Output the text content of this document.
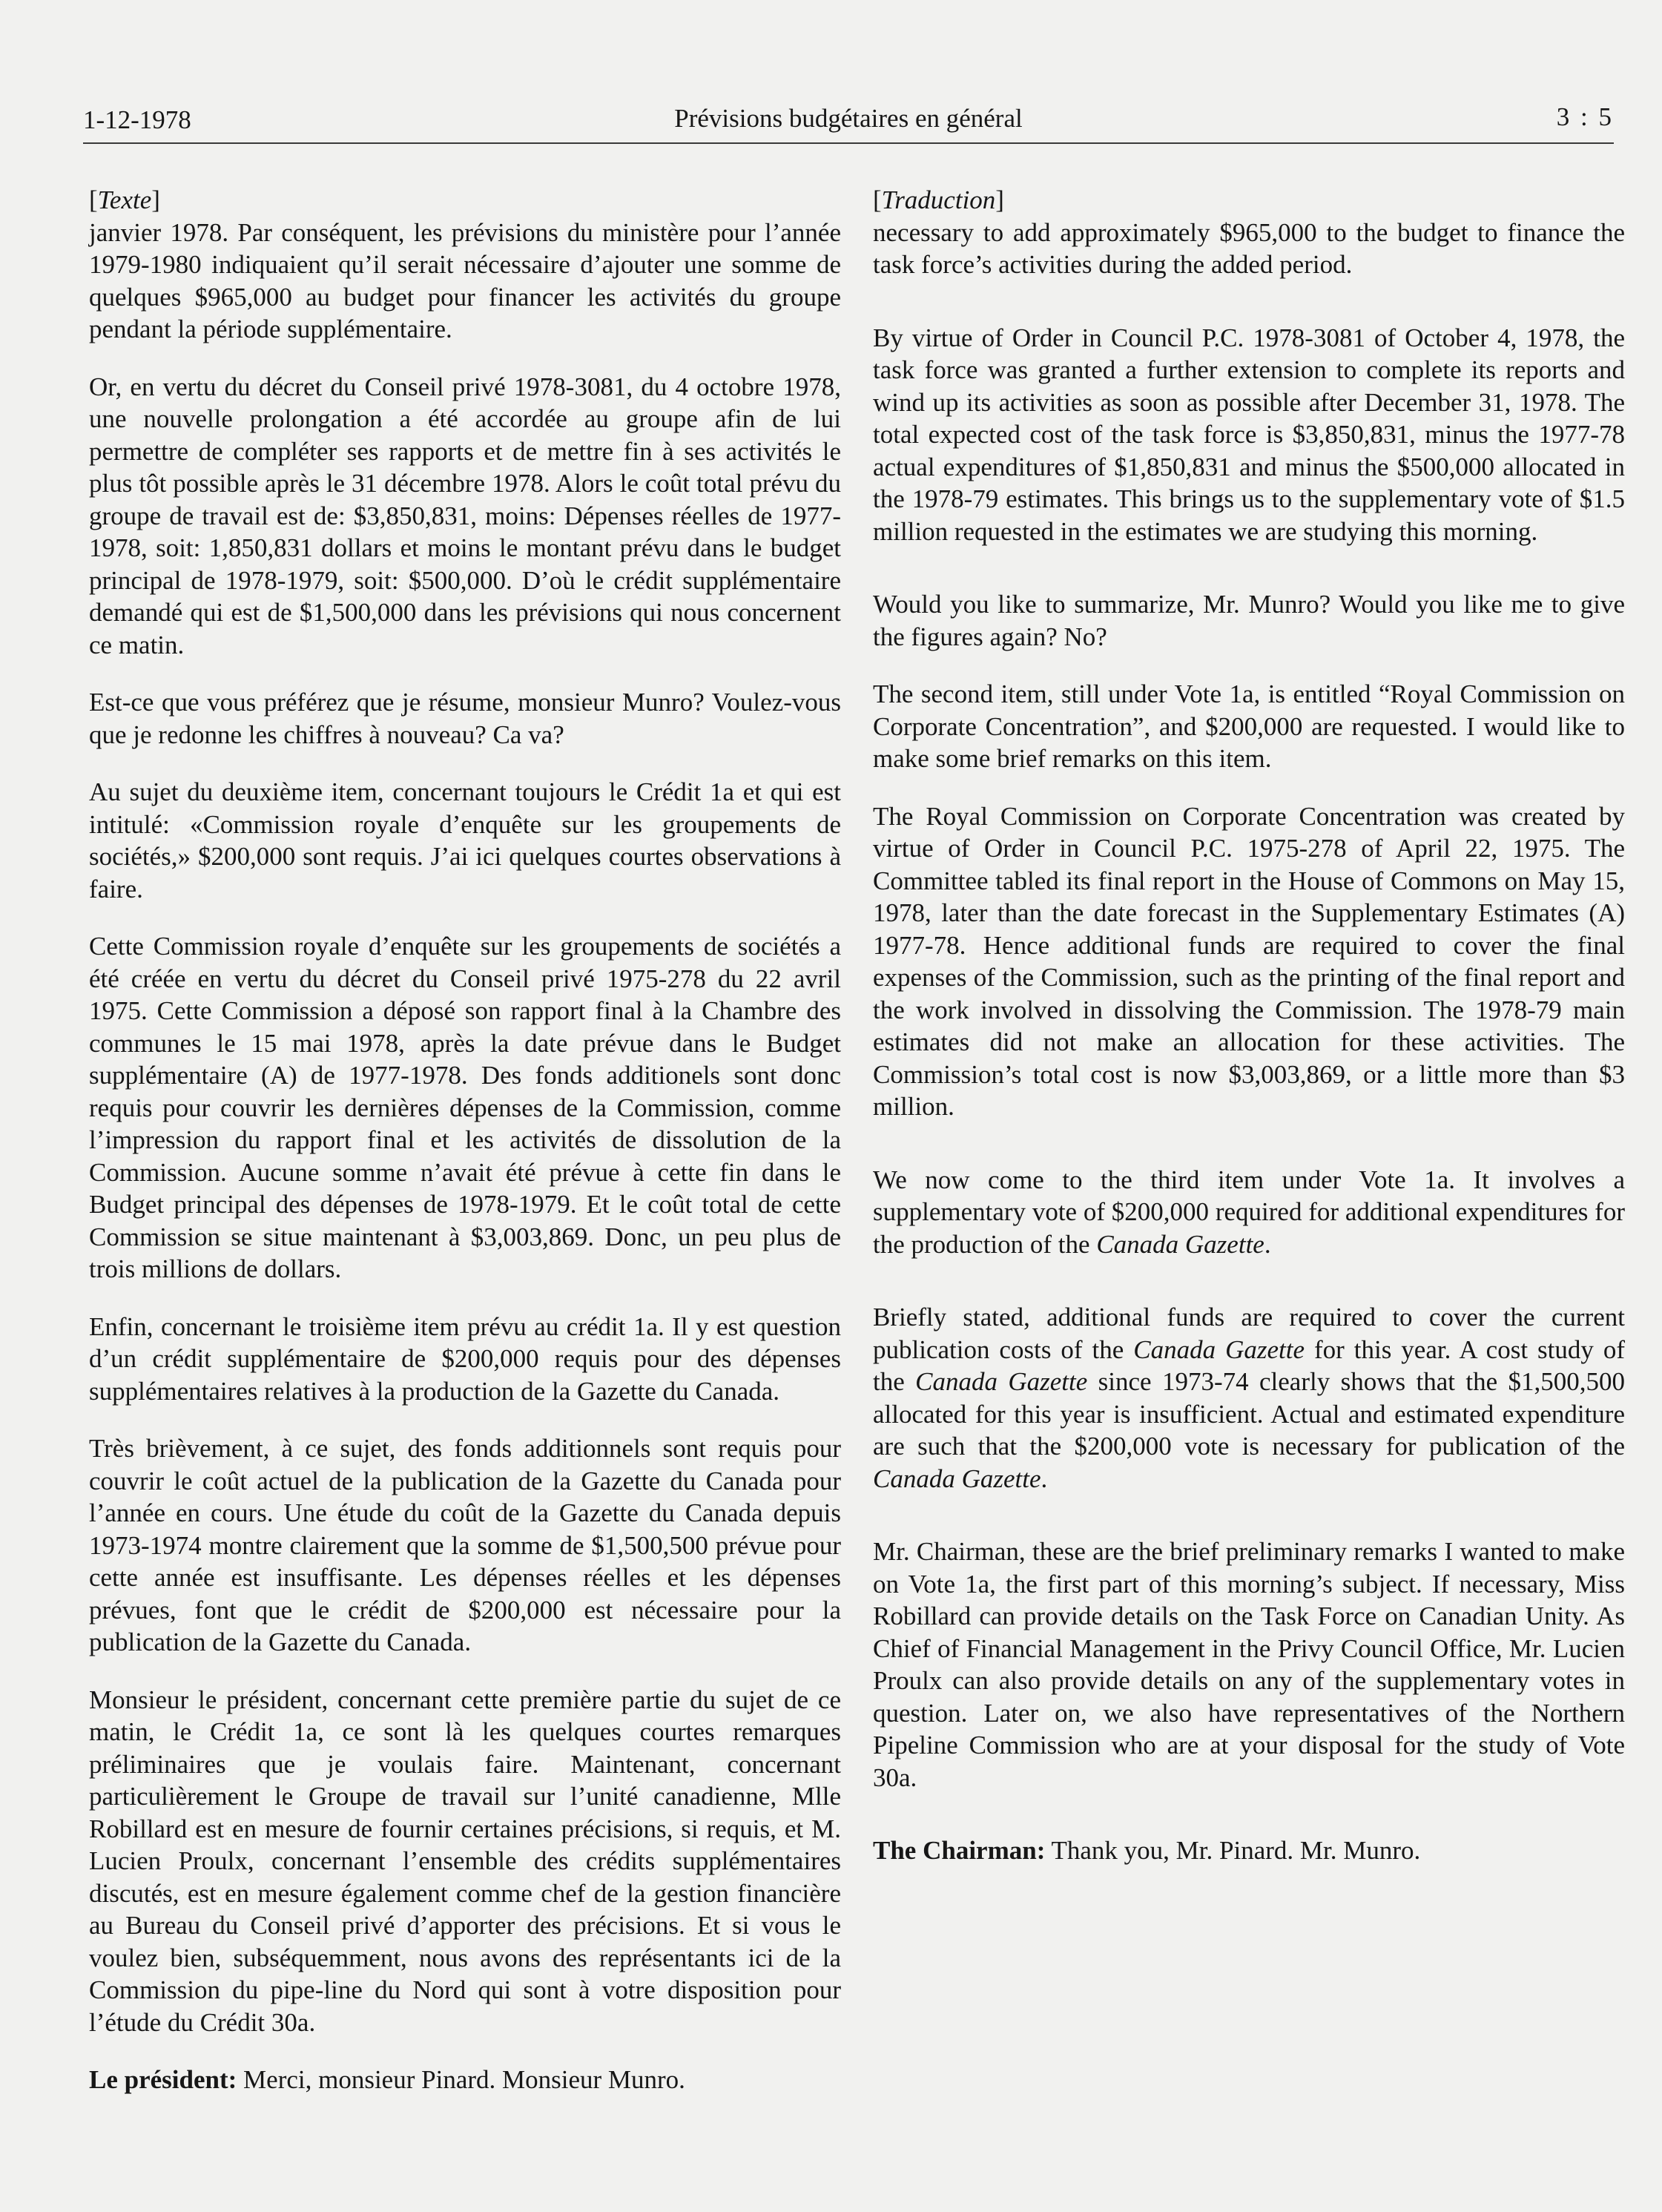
1-12-1978	Prévisions budgétaires en général	3 : 5

[Texte]

janvier 1978. Par conséquent, les prévisions du ministère pour l’année 1979-1980 indiquaient qu’il serait nécessaire d’ajouter une somme de quelques $965,000 au budget pour financer les activités du groupe pendant la période supplémentaire.

Or, en vertu du décret du Conseil privé 1978-3081, du 4 octobre 1978, une nouvelle prolongation a été accordée au groupe afin de lui permettre de compléter ses rapports et de mettre fin à ses activités le plus tôt possible après le 31 décembre 1978. Alors le coût total prévu du groupe de travail est de: $3,850,831, moins: Dépenses réelles de 1977-1978, soit: 1,850,831 dollars et moins le montant prévu dans le budget principal de 1978-1979, soit: $500,000. D’où le crédit supplémentaire demandé qui est de $1,500,000 dans les prévisions qui nous concernent ce matin.

Est-ce que vous préférez que je résume, monsieur Munro? Voulez-vous que je redonne les chiffres à nouveau? Ca va?

Au sujet du deuxième item, concernant toujours le Crédit 1a et qui est intitulé: «Commission royale d’enquête sur les groupements de sociétés,» $200,000 sont requis. J’ai ici quelques courtes observations à faire.

Cette Commission royale d’enquête sur les groupements de sociétés a été créée en vertu du décret du Conseil privé 1975-278 du 22 avril 1975. Cette Commission a déposé son rapport final à la Chambre des communes le 15 mai 1978, après la date prévue dans le Budget supplémentaire (A) de 1977-1978. Des fonds additionels sont donc requis pour couvrir les dernières dépenses de la Commission, comme l’impression du rapport final et les activités de dissolution de la Commission. Aucune somme n’avait été prévue à cette fin dans le Budget principal des dépenses de 1978-1979. Et le coût total de cette Commission se situe maintenant à $3,003,869. Donc, un peu plus de trois millions de dollars.

Enfin, concernant le troisième item prévu au crédit 1a. Il y est question d’un crédit supplémentaire de $200,000 requis pour des dépenses supplémentaires relatives à la production de la Gazette du Canada.

Très brièvement, à ce sujet, des fonds additionnels sont requis pour couvrir le coût actuel de la publication de la Gazette du Canada pour l’année en cours. Une étude du coût de la Gazette du Canada depuis 1973-1974 montre clairement que la somme de $1,500,500 prévue pour cette année est insuffisante. Les dépenses réelles et les dépenses prévues, font que le crédit de $200,000 est nécessaire pour la publication de la Gazette du Canada.

Monsieur le président, concernant cette première partie du sujet de ce matin, le Crédit 1a, ce sont là les quelques courtes remarques préliminaires que je voulais faire. Maintenant, concernant particulièrement le Groupe de travail sur l’unité canadienne, Mlle Robillard est en mesure de fournir certaines précisions, si requis, et M. Lucien Proulx, concernant l’ensemble des crédits supplémentaires discutés, est en mesure également comme chef de la gestion financière au Bureau du Conseil privé d’apporter des précisions. Et si vous le voulez bien, subséquemment, nous avons des représentants ici de la Commission du pipe-line du Nord qui sont à votre disposition pour l’étude du Crédit 30a.

Le président: Merci, monsieur Pinard. Monsieur Munro.

[Traduction]

necessary to add approximately $965,000 to the budget to finance the task force’s activities during the added period.

By virtue of Order in Council P.C. 1978-3081 of October 4, 1978, the task force was granted a further extension to complete its reports and wind up its activities as soon as possible after December 31, 1978. The total expected cost of the task force is $3,850,831, minus the 1977-78 actual expenditures of $1,850,831 and minus the $500,000 allocated in the 1978-79 estimates. This brings us to the supplementary vote of $1.5 million requested in the estimates we are studying this morning.

Would you like to summarize, Mr. Munro? Would you like me to give the figures again? No?

The second item, still under Vote 1a, is entitled “Royal Commission on Corporate Concentration”, and $200,000 are requested. I would like to make some brief remarks on this item.

The Royal Commission on Corporate Concentration was created by virtue of Order in Council P.C. 1975-278 of April 22, 1975. The Committee tabled its final report in the House of Commons on May 15, 1978, later than the date forecast in the Supplementary Estimates (A) 1977-78. Hence additional funds are required to cover the final expenses of the Commission, such as the printing of the final report and the work involved in dissolving the Commission. The 1978-79 main estimates did not make an allocation for these activities. The Commission’s total cost is now $3,003,869, or a little more than $3 million.

We now come to the third item under Vote 1a. It involves a supplementary vote of $200,000 required for additional expenditures for the production of the Canada Gazette.

Briefly stated, additional funds are required to cover the current publication costs of the Canada Gazette for this year. A cost study of the Canada Gazette since 1973-74 clearly shows that the $1,500,500 allocated for this year is insufficient. Actual and estimated expenditure are such that the $200,000 vote is necessary for publication of the Canada Gazette.

Mr. Chairman, these are the brief preliminary remarks I wanted to make on Vote 1a, the first part of this morning’s subject. If necessary, Miss Robillard can provide details on the Task Force on Canadian Unity. As Chief of Financial Management in the Privy Council Office, Mr. Lucien Proulx can also provide details on any of the supplementary votes in question. Later on, we also have representatives of the Northern Pipeline Commission who are at your disposal for the study of Vote 30a.

The Chairman: Thank you, Mr. Pinard. Mr. Munro.
